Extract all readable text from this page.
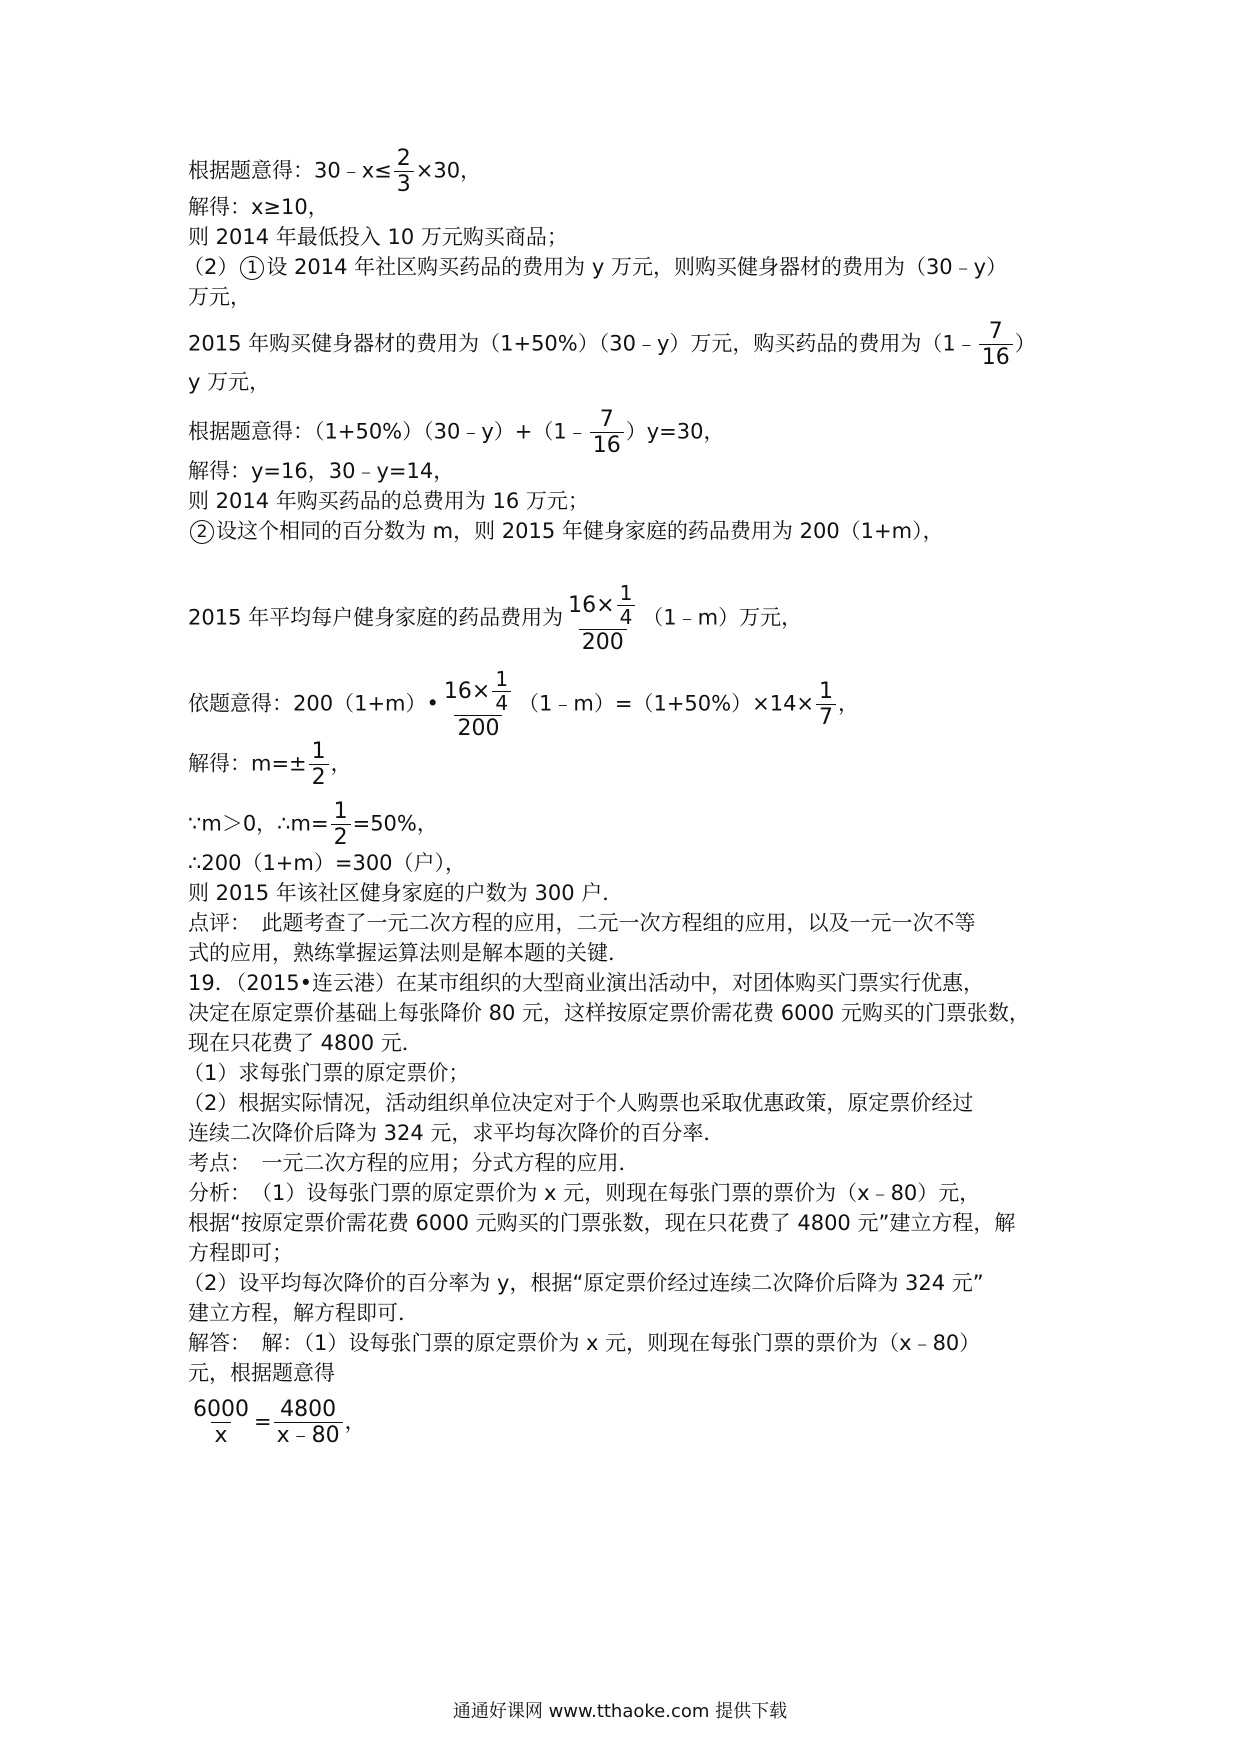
根据题意得：30﹣x≤ $\frac{2}{3} \times 30$，
解得：x≥10，
则 2014 年最低投入 10 万元购买商品；
（2） 1 设 2014 年社区购买药品的费用为 y 万元，则购买健身器材的费用为（30﹣y）
万元，
2015 年购买健身器材的费用为（1+50%）（30﹣y）万元，购买药品的费用为（1﹣ $\frac{7}{16}$ ）
y 万元，
根据题意得：（1+50%）（30﹣y）+（1﹣ $\frac{7}{16} )y=30$，
解得：y=16，30﹣y=14，
则 2014 年购买药品的总费用为 16 万元；
2 设这个相同的百分数为 m，则 2015 年健身家庭的药品费用为 200（1+m），
2015 年平均每户健身家庭的药品费用为 $\frac{16\times \frac{1}{4}}{200}$ （1﹣m）万元，
依题意得：200（1+m）• $\frac{16\times \frac{1}{4}}{200}$ （1﹣m）=（1+50%）×14× $\frac{1}{7}$ ，
解得：$m=\pm \frac{1}{2}$ ，
∵m＞0，∴m= $\frac{1}{2} =50\%$，
∴200（1+m）=300（户），
则 2015 年该社区健身家庭的户数为 300 户．
点评：　此题考查了一元二次方程的应用，二元一次方程组的应用，以及一元一次不等
式的应用，熟练掌握运算法则是解本题的关键．
19．（2015•连云港）在某市组织的大型商业演出活动中，对团体购买门票实行优惠，
决定在原定票价基础上每张降价 80 元，这样按原定票价需花费 6000 元购买的门票张数，
现在只花费了 4800 元．
（1）求每张门票的原定票价；
（2）根据实际情况，活动组织单位决定对于个人购票也采取优惠政策，原定票价经过
连续二次降价后降为 324 元，求平均每次降价的百分率．
考点：　一元二次方程的应用；分式方程的应用．
分析：　（1）设每张门票的原定票价为 x 元，则现在每张门票的票价为（x﹣80）元，
根据“按原定票价需花费 6000 元购买的门票张数，现在只花费了 4800 元”建立方程，解
方程即可；
（2）设平均每次降价的百分率为 y，根据“原定票价经过连续二次降价后降为 324 元”
建立方程，解方程即可．
解答：　解：（1）设每张门票的原定票价为 x 元，则现在每张门票的票价为（x﹣80）
元，根据题意得
$\frac{6000}{x} = \frac{4800}{x﹣80}$ ，
通通好课网 www.tthaoke.com 提供下载
